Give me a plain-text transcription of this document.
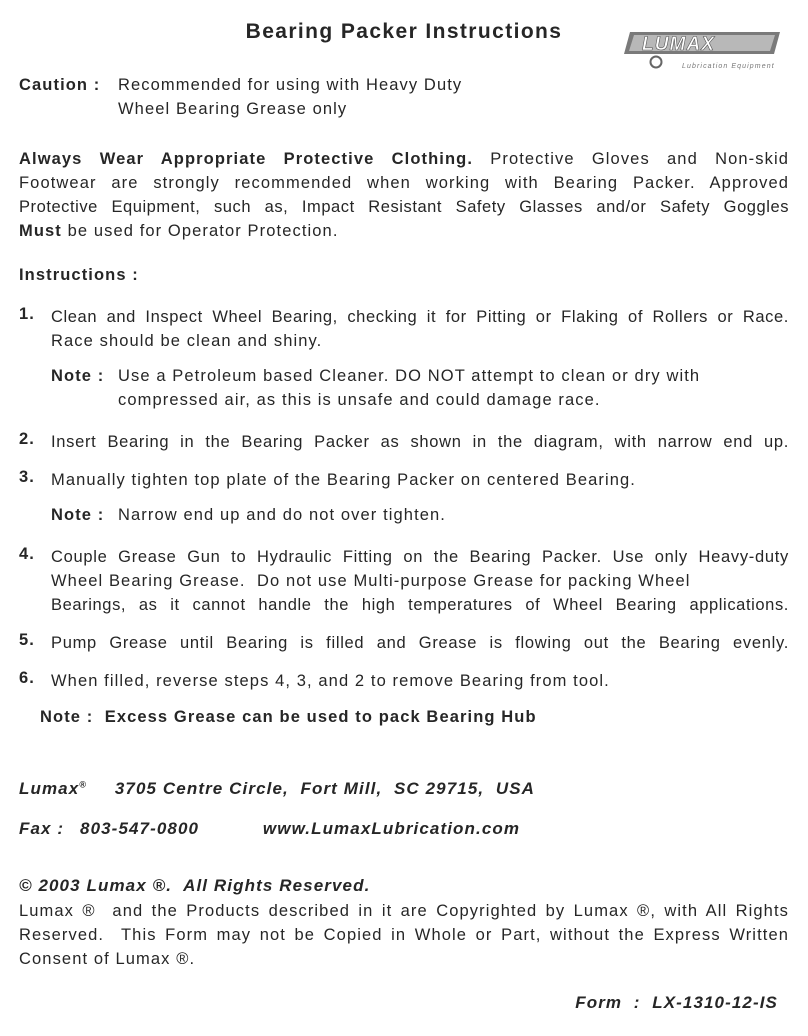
Bearing Packer Instructions
LUMAX
Lubrication Equipment
Caution : Recommended for using with Heavy Duty
Wheel Bearing Grease only
Always Wear Appropriate Protective Clothing. Protective Gloves and Non-skid
Footwear are strongly recommended when working with Bearing Packer. Approved
Protective Equipment, such as, Impact Resistant Safety Glasses and/or Safety Goggles
Must be used for Operator Protection.
Instructions :
1. Clean and Inspect Wheel Bearing, checking it for Pitting or Flaking of Rollers or Race.
Race should be clean and shiny.
Note : Use a Petroleum based Cleaner. DO NOT attempt to clean or dry with
compressed air, as this is unsafe and could damage race.
2. Insert Bearing in the Bearing Packer as shown in the diagram, with narrow end up.
3. Manually tighten top plate of the Bearing Packer on centered Bearing.
Note : Narrow end up and do not over tighten.
4. Couple Grease Gun to Hydraulic Fitting on the Bearing Packer. Use only Heavy-duty
Wheel Bearing Grease.  Do not use Multi-purpose Grease for packing Wheel
Bearings, as it cannot handle the high temperatures of Wheel Bearing applications.
5. Pump Grease until Bearing is filled and Grease is flowing out the Bearing evenly.
6. When filled, reverse steps 4, 3, and 2 to remove Bearing from tool.
Note :  Excess Grease can be used to pack Bearing Hub
Lumax® 3705 Centre Circle,  Fort Mill,  SC 29715,  USA
Fax : 803-547-0800	www.LumaxLubrication.com
© 2003 Lumax ®.  All Rights Reserved.
Lumax ®  and the Products described in it are Copyrighted by Lumax ®, with All Rights
Reserved.  This Form may not be Copied in Whole or Part, without the Express Written
Consent of Lumax ®.
Form  :  LX-1310-12-IS
